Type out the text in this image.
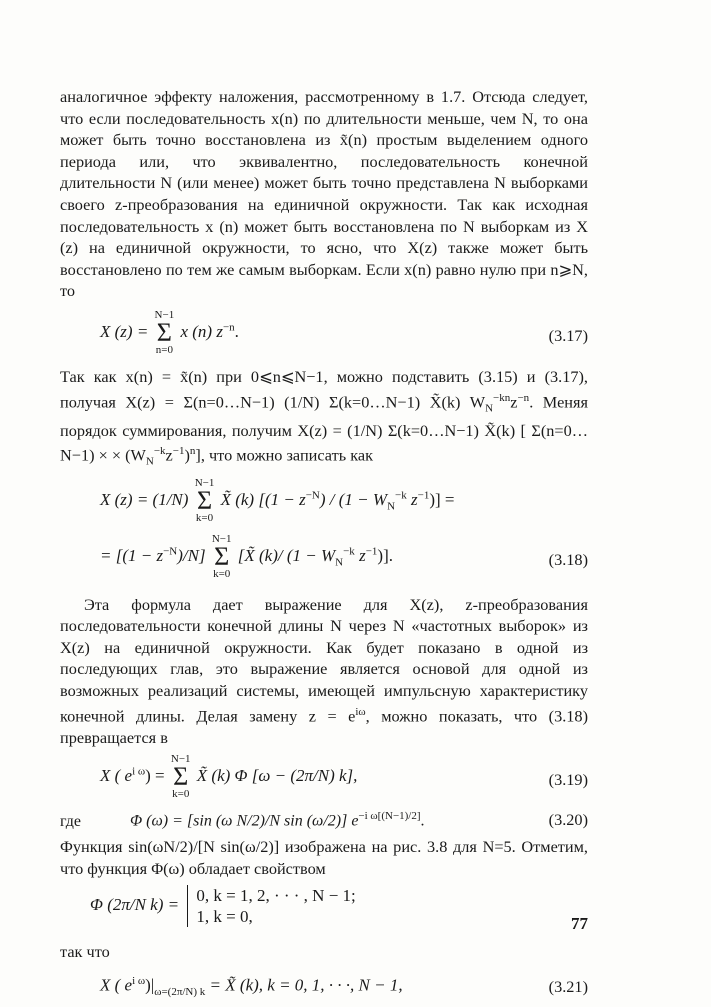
аналогичное эффекту наложения, рассмотренному в 1.7. Отсюда следует, что если последовательность x(n) по длительности меньше, чем N, то она может быть точно восстановлена из x̃(n) простым выделением одного периода или, что эквивалентно, последовательность конечной длительности N (или менее) может быть точно представлена N выборками своего z-преобразования на единичной окружности. Так как исходная последовательность x (n) может быть восстановлена по N выборкам из X (z) на единичной окружности, то ясно, что X(z) также может быть восстановлено по тем же самым выборкам. Если x(n) равно нулю при n⩾N, то

X (z) = N−1
Σ
n=0 x (n) $z^{-n}$.	(3.17)

Так как x(n) = x̃(n) при 0⩽n⩽N−1, можно подставить (3.15) и (3.17), получая X(z) = Σ(n=0…N−1) (1/N) Σ(k=0…N−1) X̃(k) $W_N^{-kn}z^{-n}$. Меняя порядок суммирования, получим X(z) = (1/N) Σ(k=0…N−1) X̃(k) [ Σ(n=0…N−1) × × $(W_N^{-k}z^{-1})^n$], что можно записать как

X (z) = (1/N) N−1
Σ
k=0 X̃ (k) [$(1 - z^{-N}) / (1 - W_N^{-k}$ $z^{-1}$)] =
= $[(1 - z^{-N})/N]$ N−1
Σ
k=0 [X̃ (k)/ ($1 - W_N^{-k}$ $z^{-1}$)].	(3.18)

Эта формула дает выражение для X(z), z-преобразования последовательности конечной длины N через N «частотных выборок» из X(z) на единичной окружности. Как будет показано в одной из последующих глав, это выражение является основой для одной из возможных реализаций системы, имеющей импульсную характеристику конечной длины. Делая замену $z = e^{i\omega}$, можно показать, что (3.18) превращается в

X ( $e^{i \omega}) = N-1$
Σ
k=0 X̃ (k) Φ [ω − (2π/N) k],	(3.19)
где	Φ (ω) = [sin (ω N/2)/N sin (ω/2)] $e^{-i \omega[(N-1)/2]}$.	(3.20)

Функция sin(ωN/2)/[N sin(ω/2)] изображена на рис. 3.8 для N=5. Отметим, что функция Φ(ω) обладает свойством

Φ (2π/N k) = 0, k = 1, 2, · · · , N − 1;
1, k = 0,

так что

X ( $e^{i \omega})|_{\omega=(2\pi/N) k}$ = X̃ (k), k = 0, 1, · · ·, N − 1,	(3.21)
77
